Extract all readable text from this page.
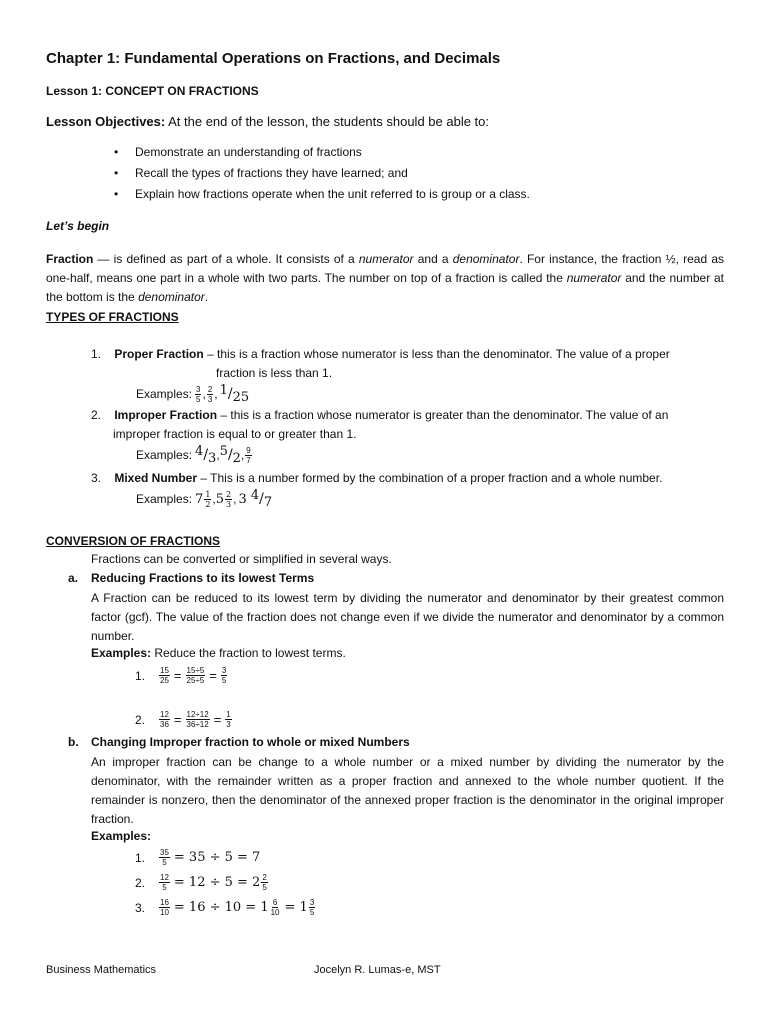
Chapter 1: Fundamental Operations on Fractions, and Decimals
Lesson 1: CONCEPT ON FRACTIONS
Lesson Objectives: At the end of the lesson, the students should be able to:
• Demonstrate an understanding of fractions
• Recall the types of fractions they have learned; and
• Explain how fractions operate when the unit referred to is group or a class.
Let’s begin
Fraction — is defined as part of a whole. It consists of a numerator and a denominator. For instance, the fraction ½, read as one-half, means one part in a whole with two parts. The number on top of a fraction is called the numerator and the number at the bottom is the denominator.
TYPES OF FRACTIONS
1. Proper Fraction – this is a fraction whose numerator is less than the denominator. The value of a proper
fraction is less than 1.
Examples: $\frac{3}{5}$ , $\frac{2}{3}$ , $^1/_{25}$
2. Improper Fraction – this is a fraction whose numerator is greater than the denominator. The value of an
improper fraction is equal to or greater than 1.
Examples: $^4/_3$ , $^5/_2$ , $\frac{9}{7}$
3. Mixed Number – This is a number formed by the combination of a proper fraction and a whole number.
Examples: $7 \frac{1}{2}$ , $5 \frac{2}{3}$ , 3 $^4/_7$
CONVERSION OF FRACTIONS
Fractions can be converted or simplified in several ways.
a. Reducing Fractions to its lowest Terms
A Fraction can be reduced to its lowest term by dividing the numerator and denominator by their greatest common factor (gcf). The value of the fraction does not change even if we divide the numerator and denominator by a common number.
Examples: Reduce the fraction to lowest terms.
1.	$\frac{15}{25} = \frac{15\div 5}{25\div 5} = \frac{3}{5}$
2.	$\frac{12}{36} = \frac{12\div 12}{36\div 12} = \frac{1}{3}$
b. Changing Improper fraction to whole or mixed Numbers
An improper fraction can be change to a whole number or a mixed number by dividing the numerator by the denominator, with the remainder written as a proper fraction and annexed to the whole number quotient. If the remainder is nonzero, then the denominator of the annexed proper fraction is the denominator in the original improper fraction.
Examples:
1.	$\frac{35}{5} = 35 \div 5 = 7$
2.	$\frac{12}{5} = 12 \div 5 = 2 \frac{2}{5}$
3.	$\frac{16}{10} = 16 \div 10 = 1 \frac{6}{10} = 1 \frac{3}{5}$
Business Mathematics	Jocelyn R. Lumas-e, MST
